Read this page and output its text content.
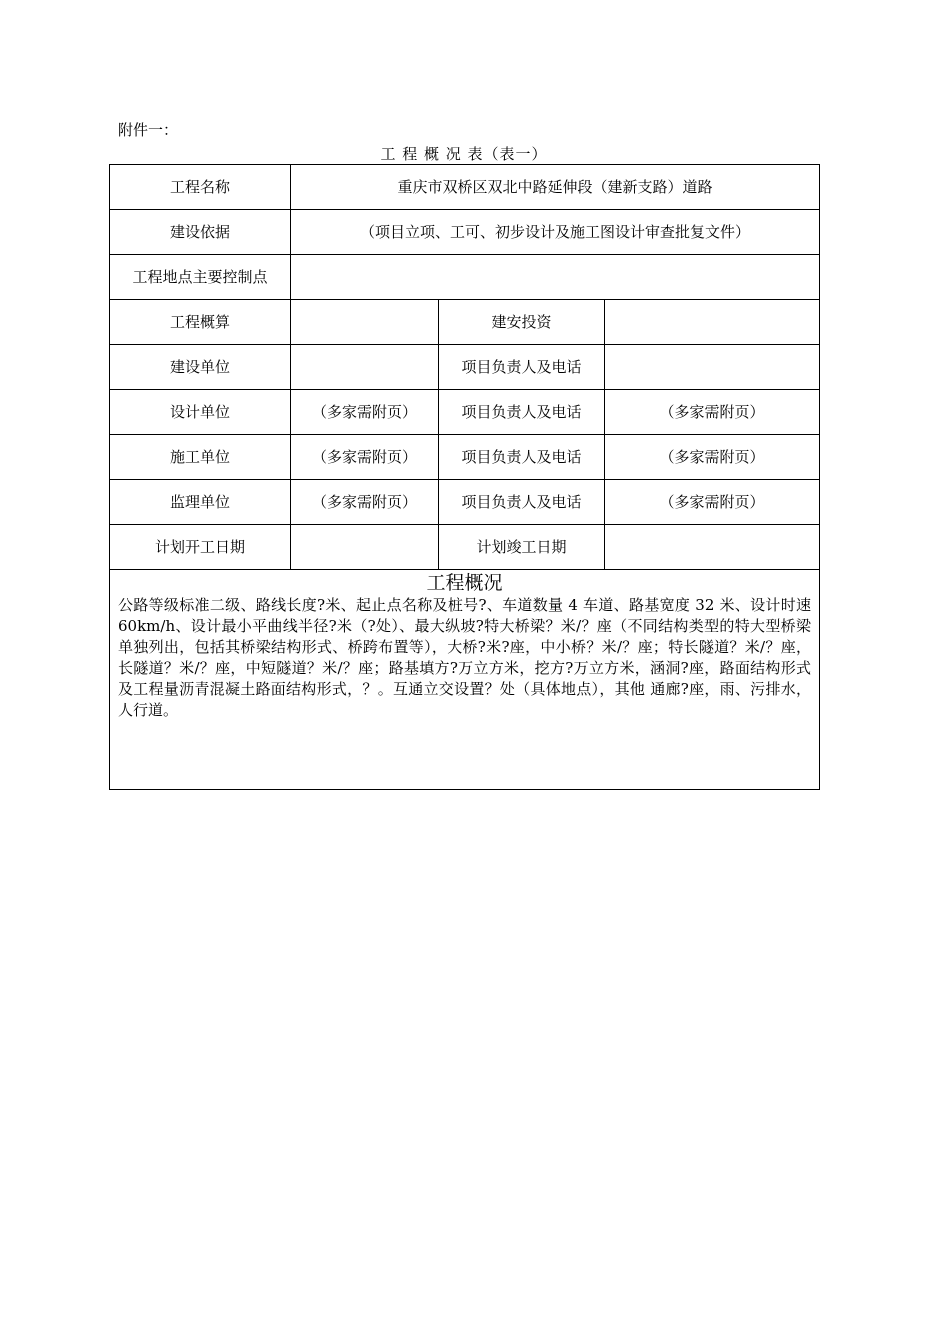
附件一：
工 程 概 况 表（表一）
工程名称	重庆市双桥区双北中路延伸段（建新支路）道路		
建设依据	（项目立项、工可、初步设计及施工图设计审查批复文件）		
工程地点主要控制点			
工程概算		建安投资	
建设单位		项目负责人及电话	
设计单位	（多家需附页）	项目负责人及电话	（多家需附页）
施工单位	（多家需附页）	项目负责人及电话	（多家需附页）
监理单位	（多家需附页）	项目负责人及电话	（多家需附页）
计划开工日期		计划竣工日期	

工程概况
公路等级标准二级、路线长度?米、起止点名称及桩号?、车道数量 4 车道、路基宽度 32 米、设计时速 60km/h、设计最小平曲线半径?米（?处）、最大纵坡?特大桥梁？米/？座（不同结构类型的特大型桥梁单独列出，包括其桥梁结构形式、桥跨布置等），大桥?米?座，中小桥？米/？座；特长隧道？米/？座，长隧道？米/？座，中短隧道？米/？座；路基填方?万立方米，挖方?万立方米，涵洞?座，路面结构形式及工程量沥青混凝土路面结构形式，？。互通立交设置？处（具体地点），其他 通廊?座，雨、污排水，人行道。			
